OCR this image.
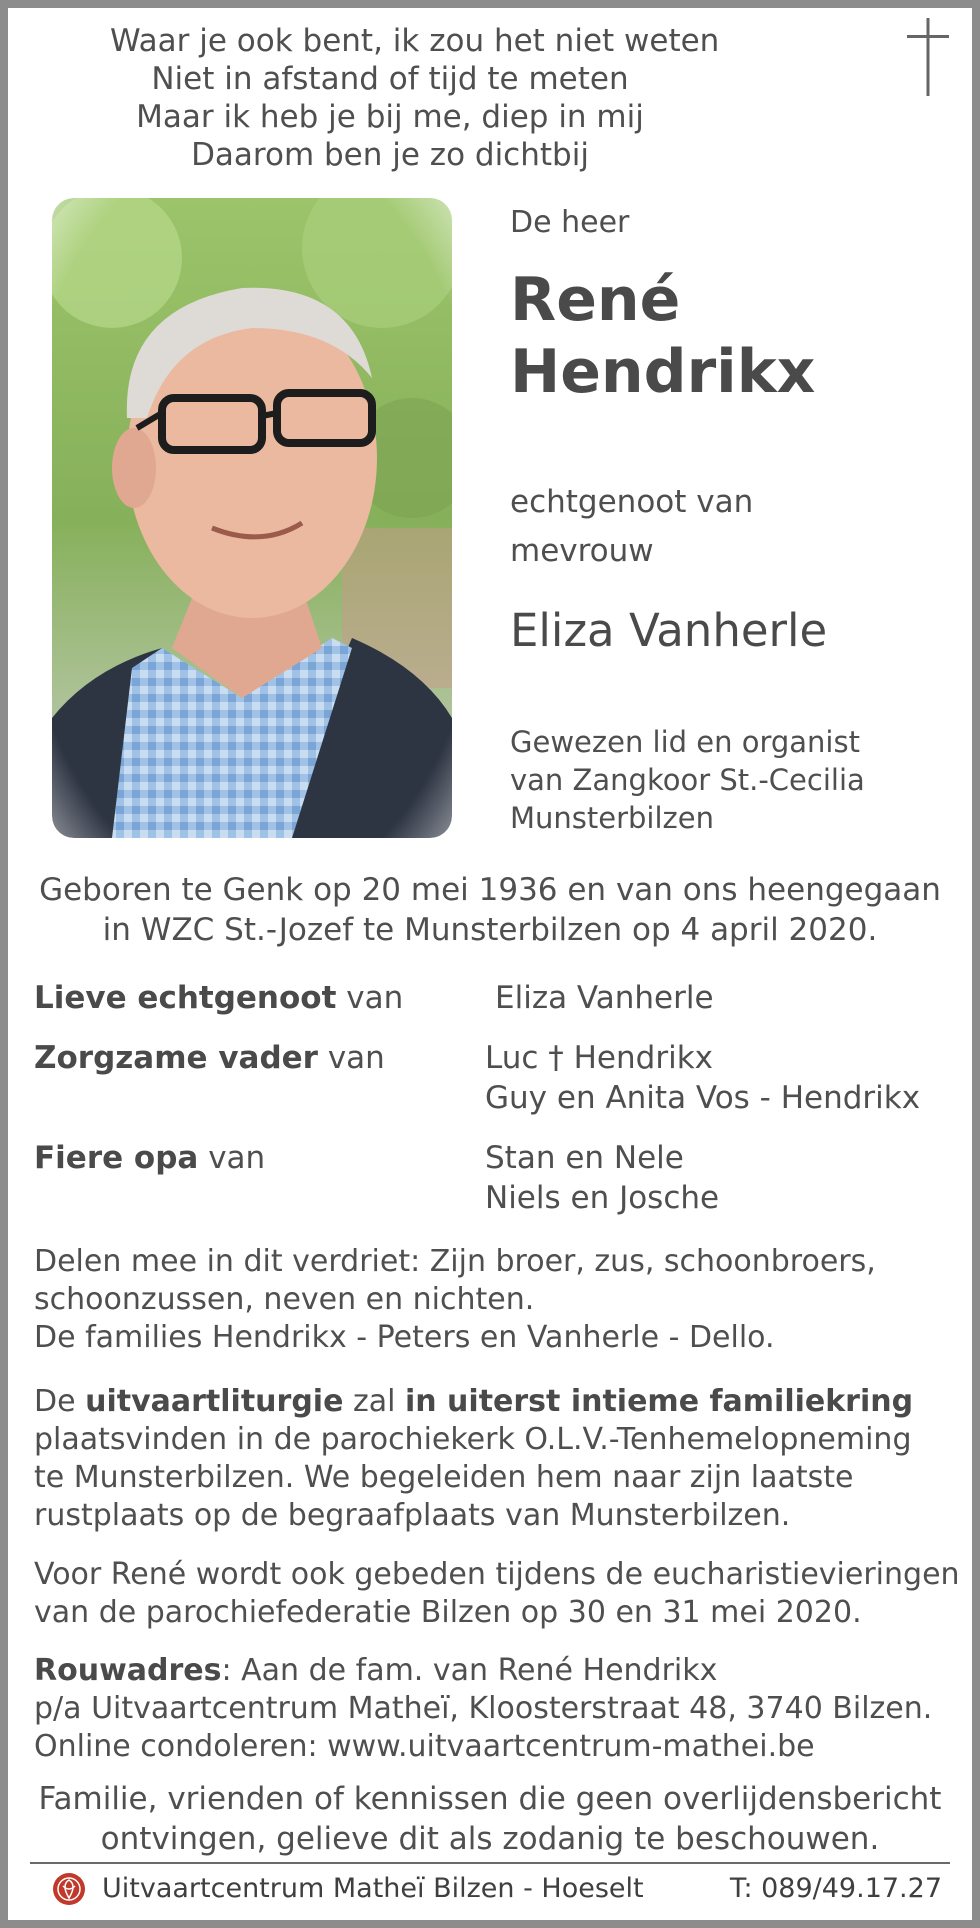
Waar je ook bent, ik zou het niet weten
Niet in afstand of tijd te meten
Maar ik heb je bij me, diep in mij
Daarom ben je zo dichtbij
De heer
René
Hendrikx
echtgenoot van
mevrouw
Eliza Vanherle
Gewezen lid en organist
van Zangkoor St.-Cecilia
Munsterbilzen
Geboren te Genk op 20 mei 1936 en van ons heengegaan
in WZC St.-Jozef te Munsterbilzen op 4 april 2020.
Lieve echtgenoot van	Eliza Vanherle
Zorgzame vader van	Luc † Hendrikx
Guy en Anita Vos - Hendrikx
Fiere opa van	Stan en Nele
Niels en Josche
Delen mee in dit verdriet: Zijn broer, zus, schoonbroers,
schoonzussen, neven en nichten.
De families Hendrikx - Peters en Vanherle - Dello.
De uitvaartliturgie zal in uiterst intieme familiekring
plaatsvinden in de parochiekerk O.L.V.-Tenhemelopneming
te Munsterbilzen. We begeleiden hem naar zijn laatste
rustplaats op de begraafplaats van Munsterbilzen.
Voor René wordt ook gebeden tijdens de eucharistievieringen
van de parochiefederatie Bilzen op 30 en 31 mei 2020.
Rouwadres: Aan de fam. van René Hendrikx
p/a Uitvaartcentrum Matheï, Kloosterstraat 48, 3740 Bilzen.
Online condoleren: www.uitvaartcentrum-mathei.be
Familie, vrienden of kennissen die geen overlijdensbericht
ontvingen, gelieve dit als zodanig te beschouwen.
Uitvaartcentrum Matheï Bilzen - Hoeselt	T: 089/49.17.27
